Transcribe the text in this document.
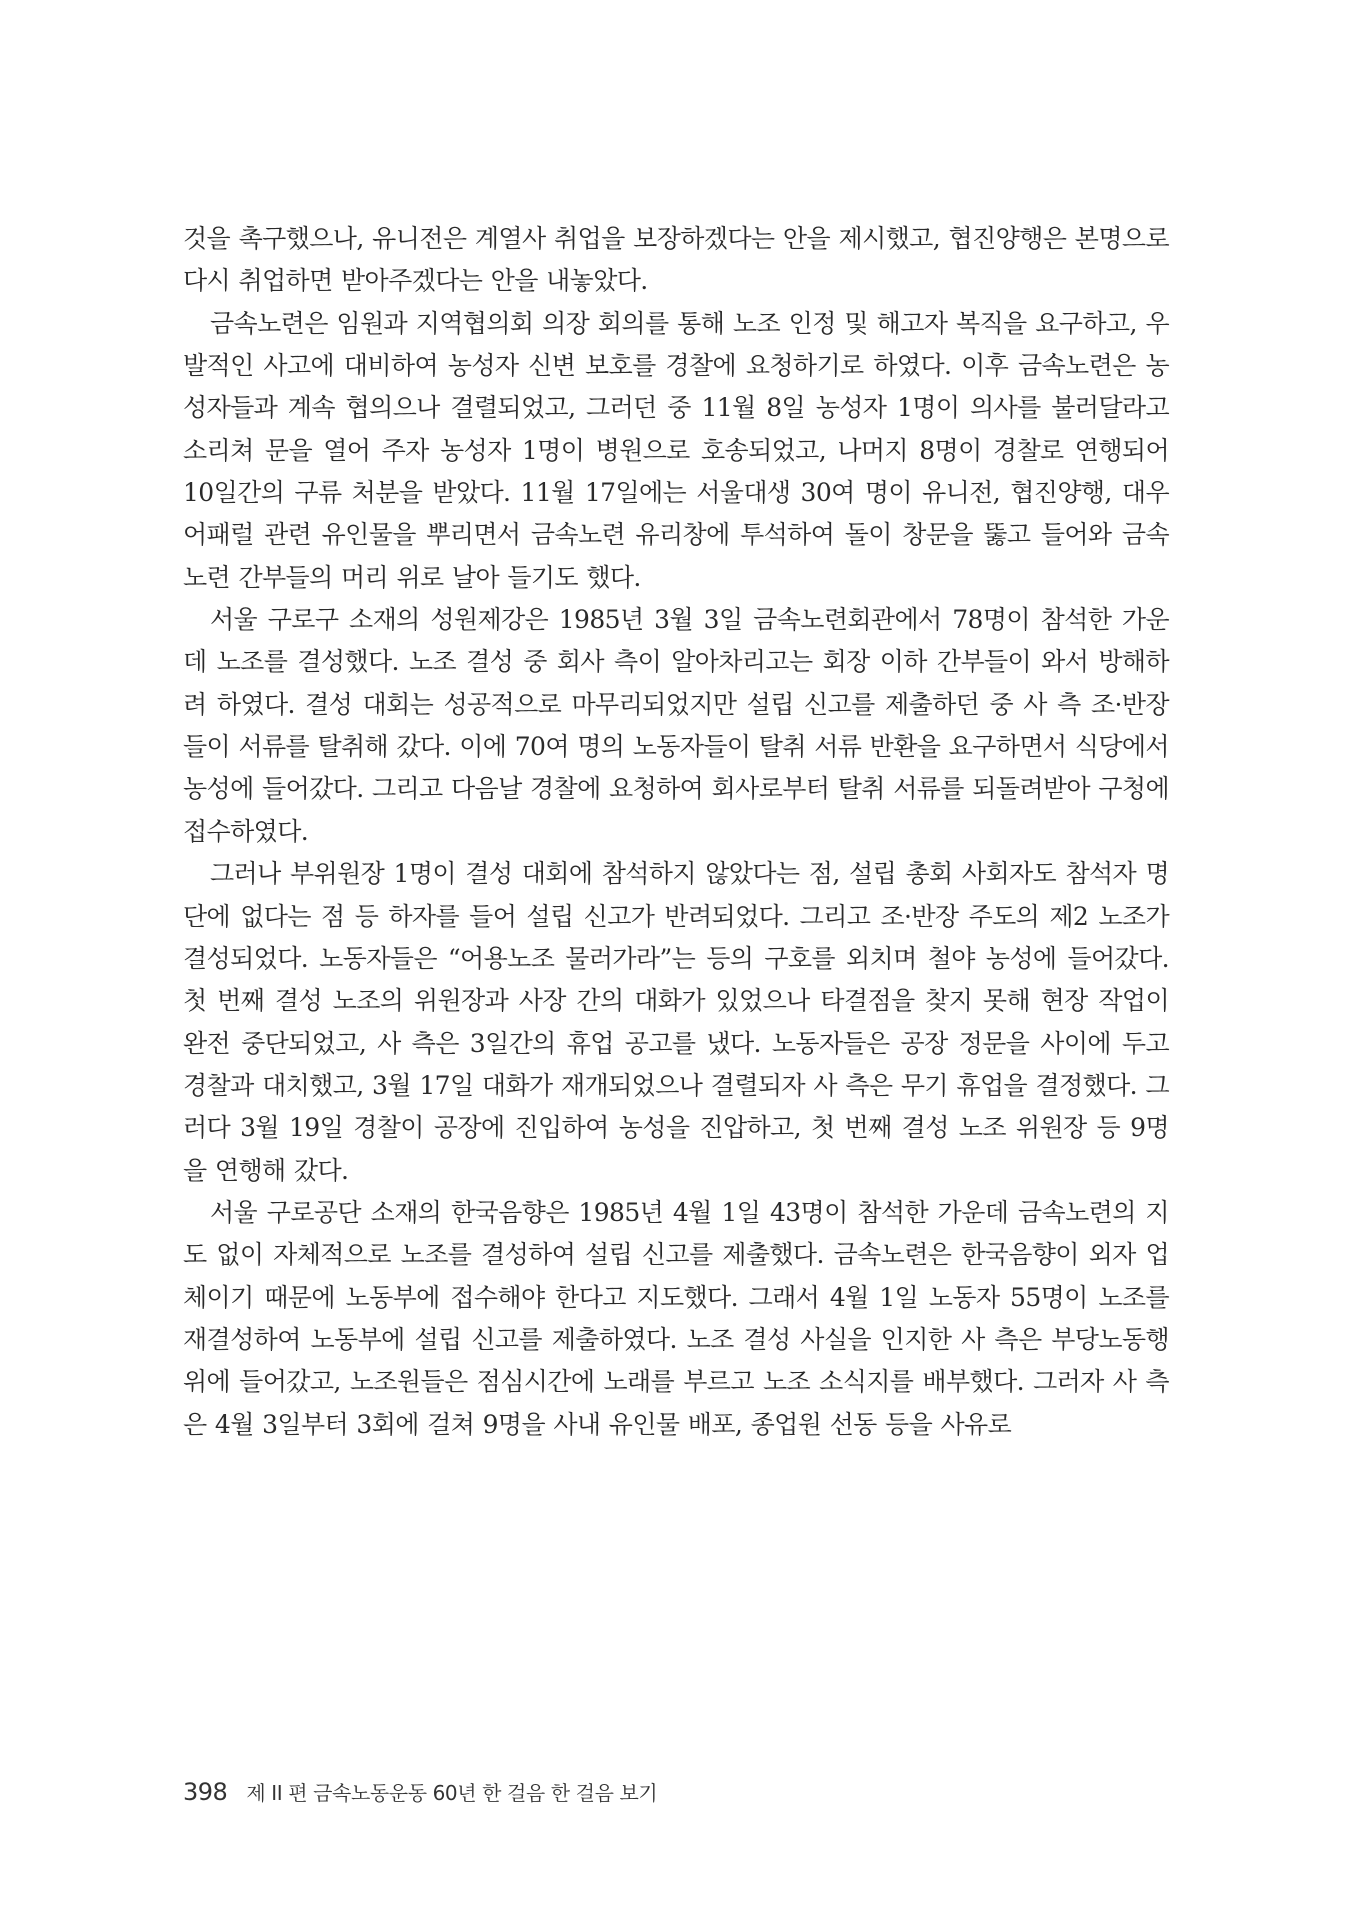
것을 촉구했으나, 유니전은 계열사 취업을 보장하겠다는 안을 제시했고, 협진양행은 본명으로 다시 취업하면 받아주겠다는 안을 내놓았다.

금속노련은 임원과 지역협의회 의장 회의를 통해 노조 인정 및 해고자 복직을 요구하고, 우발적인 사고에 대비하여 농성자 신변 보호를 경찰에 요청하기로 하였다. 이후 금속노련은 농성자들과 계속 협의으나 결렬되었고, 그러던 중 11월 8일 농성자 1명이 의사를 불러달라고 소리쳐 문을 열어 주자 농성자 1명이 병원으로 호송되었고, 나머지 8명이 경찰로 연행되어 10일간의 구류 처분을 받았다. 11월 17일에는 서울대생 30여 명이 유니전, 협진양행, 대우어패럴 관련 유인물을 뿌리면서 금속노련 유리창에 투석하여 돌이 창문을 뚫고 들어와 금속노련 간부들의 머리 위로 날아 들기도 했다.

서울 구로구 소재의 성원제강은 1985년 3월 3일 금속노련회관에서 78명이 참석한 가운데 노조를 결성했다. 노조 결성 중 회사 측이 알아차리고는 회장 이하 간부들이 와서 방해하려 하였다. 결성 대회는 성공적으로 마무리되었지만 설립 신고를 제출하던 중 사 측 조·반장들이 서류를 탈취해 갔다. 이에 70여 명의 노동자들이 탈취 서류 반환을 요구하면서 식당에서 농성에 들어갔다. 그리고 다음날 경찰에 요청하여 회사로부터 탈취 서류를 되돌려받아 구청에 접수하였다.

그러나 부위원장 1명이 결성 대회에 참석하지 않았다는 점, 설립 총회 사회자도 참석자 명단에 없다는 점 등 하자를 들어 설립 신고가 반려되었다. 그리고 조·반장 주도의 제2 노조가 결성되었다. 노동자들은 “어용노조 물러가라”는 등의 구호를 외치며 철야 농성에 들어갔다. 첫 번째 결성 노조의 위원장과 사장 간의 대화가 있었으나 타결점을 찾지 못해 현장 작업이 완전 중단되었고, 사 측은 3일간의 휴업 공고를 냈다. 노동자들은 공장 정문을 사이에 두고 경찰과 대치했고, 3월 17일 대화가 재개되었으나 결렬되자 사 측은 무기 휴업을 결정했다. 그러다 3월 19일 경찰이 공장에 진입하여 농성을 진압하고, 첫 번째 결성 노조 위원장 등 9명을 연행해 갔다.

서울 구로공단 소재의 한국음향은 1985년 4월 1일 43명이 참석한 가운데 금속노련의 지도 없이 자체적으로 노조를 결성하여 설립 신고를 제출했다. 금속노련은 한국음향이 외자 업체이기 때문에 노동부에 접수해야 한다고 지도했다. 그래서 4월 1일 노동자 55명이 노조를 재결성하여 노동부에 설립 신고를 제출하였다. 노조 결성 사실을 인지한 사 측은 부당노동행위에 들어갔고, 노조원들은 점심시간에 노래를 부르고 노조 소식지를 배부했다. 그러자 사 측은 4월 3일부터 3회에 걸쳐 9명을 사내 유인물 배포, 종업원 선동 등을 사유로

398 제 II 편 금속노동운동 60년 한 걸음 한 걸음 보기
